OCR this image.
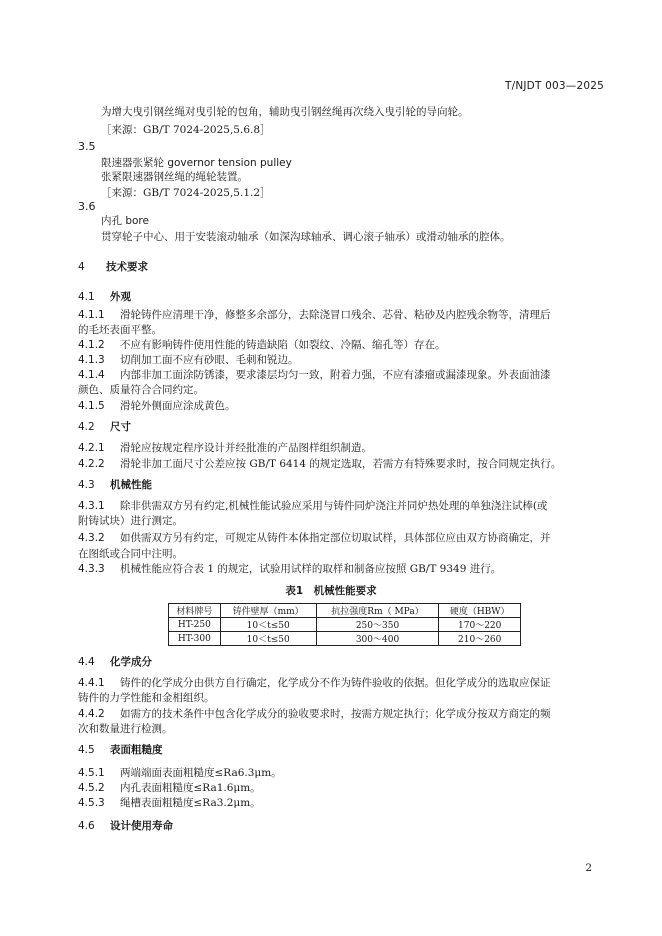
T/NJDT 003—2025
为增大曳引钢丝绳对曳引轮的包角，辅助曳引钢丝绳再次绕入曳引轮的导向轮。
［来源：GB/T 7024-2025,5.6.8］
3.5
限速器张紧轮 governor tension pulley
张紧限速器钢丝绳的绳轮装置。
［来源：GB/T 7024-2025,5.1.2］
3.6
内孔 bore
贯穿轮子中心、用于安装滚动轴承（如深沟球轴承、调心滚子轴承）或滑动轴承的腔体。
4 技术要求
4.1 外观
4.1.1 滑轮铸件应清理干净，修整多余部分，去除浇冒口残余、芯骨、粘砂及内腔残余物等，清理后
的毛坯表面平整。
4.1.2 不应有影响铸件使用性能的铸造缺陷（如裂纹、冷隔、缩孔等）存在。
4.1.3 切削加工面不应有砂眼、毛刺和锐边。
4.1.4 内部非加工面涂防锈漆，要求漆层均匀一致，附着力强，不应有漆瘤或漏漆现象。外表面油漆
颜色、质量符合合同约定。
4.1.5 滑轮外侧面应涂成黄色。
4.2 尺寸
4.2.1 滑轮应按规定程序设计并经批准的产品图样组织制造。
4.2.2 滑轮非加工面尺寸公差应按 GB/T 6414 的规定选取，若需方有特殊要求时，按合同规定执行。
4.3 机械性能
4.3.1 除非供需双方另有约定,机械性能试验应采用与铸件同炉浇注并同炉热处理的单独浇注试棒(或
附铸试块）进行测定。
4.3.2 如供需双方另有约定，可规定从铸件本体指定部位切取试样，具体部位应由双方协商确定，并
在图纸或合同中注明。
4.3.3 机械性能应符合表 1 的规定，试验用试样的取样和制备应按照 GB/T 9349 进行。
表1　机械性能要求
材料牌号	铸件壁厚（mm）	抗拉强度Rm（ MPa）	硬度（HBW）
HT-250	10＜t≤50	250～350	170～220
HT-300	10＜t≤50	300～400	210～260
4.4 化学成分
4.4.1 铸件的化学成分由供方自行确定，化学成分不作为铸件验收的依据。但化学成分的选取应保证
铸件的力学性能和金相组织。
4.4.2 如需方的技术条件中包含化学成分的验收要求时，按需方规定执行；化学成分按双方商定的频
次和数量进行检测。
4.5 表面粗糙度
4.5.1 两端端面表面粗糙度≤Ra6.3μm。
4.5.2 内孔表面粗糙度≤Ra1.6μm。
4.5.3 绳槽表面粗糙度≤Ra3.2μm。
4.6 设计使用寿命
2
